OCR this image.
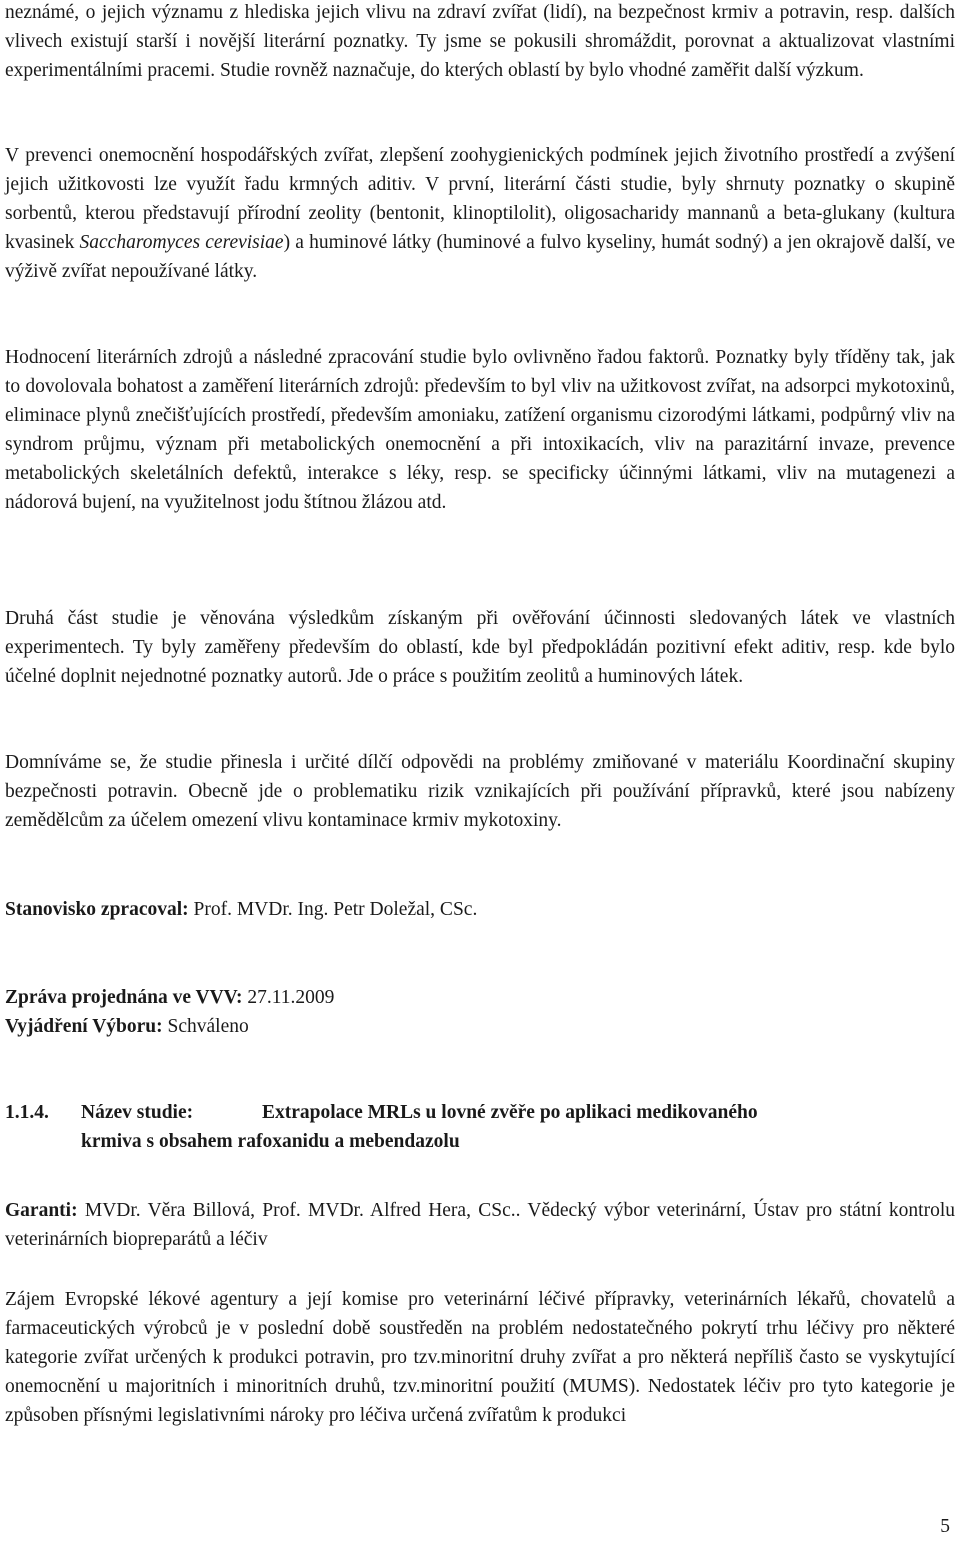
neznámé, o jejich významu z hlediska jejich vlivu na zdraví zvířat (lidí), na bezpečnost krmiv a potravin, resp. dalších vlivech existují starší i novější literární poznatky. Ty jsme se pokusili shromáždit, porovnat a aktualizovat vlastními experimentálními pracemi. Studie rovněž naznačuje, do kterých oblastí by bylo vhodné zaměřit další výzkum.

V prevenci onemocnění hospodářských zvířat, zlepšení zoohygienických podmínek jejich životního prostředí a zvýšení jejich užitkovosti lze využít řadu krmných aditiv. V první, literární části studie, byly shrnuty poznatky o skupině sorbentů, kterou představují přírodní zeolity (bentonit, klinoptilolit), oligosacharidy mannanů a beta-glukany (kultura kvasinek Saccharomyces cerevisiae) a huminové látky (huminové a fulvo kyseliny, humát sodný) a jen okrajově další, ve výživě zvířat nepoužívané látky.

Hodnocení literárních zdrojů a následné zpracování studie bylo ovlivněno řadou faktorů. Poznatky byly tříděny tak, jak to dovolovala bohatost a zaměření literárních zdrojů: především to byl vliv na užitkovost zvířat, na adsorpci mykotoxinů, eliminace plynů znečišťujících prostředí, především amoniaku, zatížení organismu cizorodými látkami, podpůrný vliv na syndrom průjmu, význam při metabolických onemocnění a při intoxikacích, vliv na parazitární invaze, prevence metabolických skeletálních defektů, interakce s léky, resp. se specificky účinnými látkami, vliv na mutagenezi a nádorová bujení, na využitelnost jodu štítnou žlázou atd.

Druhá část studie je věnována výsledkům získaným při ověřování účinnosti sledovaných látek ve vlastních experimentech. Ty byly zaměřeny především do oblastí, kde byl předpokládán pozitivní efekt aditiv, resp. kde bylo účelné doplnit nejednotné poznatky autorů. Jde o práce s použitím zeolitů a huminových látek.

Domníváme se, že studie přinesla i určité dílčí odpovědi na problémy zmiňované v materiálu Koordinační skupiny bezpečnosti potravin. Obecně jde o problematiku rizik vznikajících při používání přípravků, které jsou nabízeny zemědělcům za účelem omezení vlivu kontaminace krmiv mykotoxiny.

Stanovisko zpracoval: Prof. MVDr. Ing. Petr Doležal, CSc.

Zpráva projednána ve VVV: 27.11.2009

Vyjádření Výboru: Schváleno

1.1.4. Název studie:	Extrapolace MRLs u lovné zvěře po aplikaci medikovaného
krmiva s obsahem rafoxanidu a mebendazolu

Garanti: MVDr. Věra Billová, Prof. MVDr. Alfred Hera, CSc.. Vědecký výbor veterinární, Ústav pro státní kontrolu veterinárních biopreparátů a léčiv

Zájem Evropské lékové agentury a její komise pro veterinární léčivé přípravky, veterinárních lékařů, chovatelů a farmaceutických výrobců je v poslední době soustředěn na problém nedostatečného pokrytí trhu léčivy pro některé kategorie zvířat určených k produkci potravin, pro tzv.minoritní druhy zvířat a pro některá nepříliš často se vyskytující onemocnění u majoritních i minoritních druhů, tzv.minoritní použití (MUMS). Nedostatek léčiv pro tyto kategorie je způsoben přísnými legislativními nároky pro léčiva určená zvířatům k produkci

5
